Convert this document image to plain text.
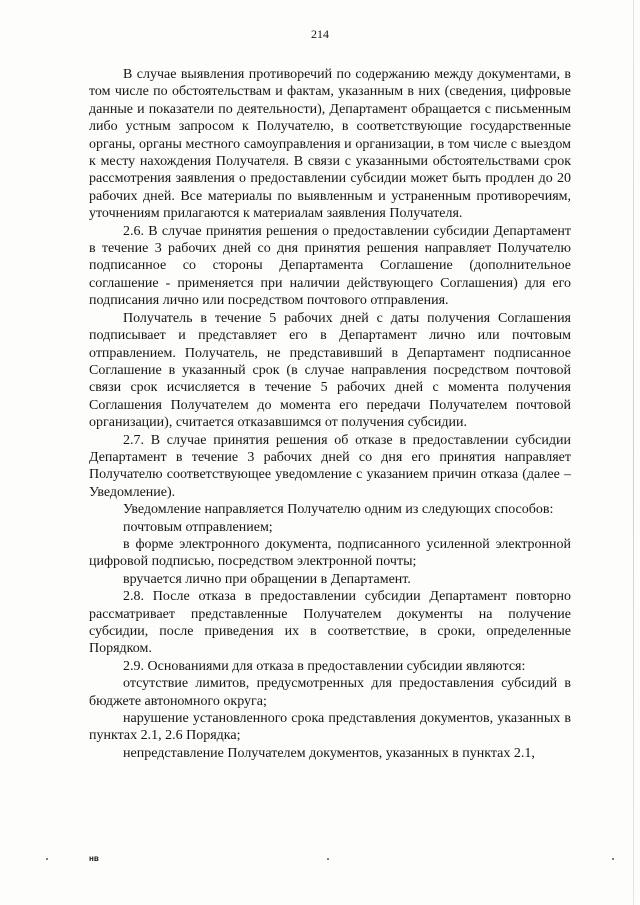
214

В случае выявления противоречий по содержанию между документами, в том числе по обстоятельствам и фактам, указанным в них (сведения, цифровые данные и показатели по деятельности), Департамент обращается с письменным либо устным запросом к Получателю, в соответствующие государственные органы, органы местного самоуправления и организации, в том числе с выездом к месту нахождения Получателя. В связи с указанными обстоятельствами срок рассмотрения заявления о предоставлении субсидии может быть продлен до 20 рабочих дней. Все материалы по выявленным и устраненным противоречиям, уточнениям прилагаются к материалам заявления Получателя.

2.6. В случае принятия решения о предоставлении субсидии Департамент в течение 3 рабочих дней со дня принятия решения направляет Получателю подписанное со стороны Департамента Соглашение (дополнительное соглашение - применяется при наличии действующего Соглашения) для его подписания лично или посредством почтового отправления.

Получатель в течение 5 рабочих дней с даты получения Соглашения подписывает и представляет его в Департамент лично или почтовым отправлением. Получатель, не представивший в Департамент подписанное Соглашение в указанный срок (в случае направления посредством почтовой связи срок исчисляется в течение 5 рабочих дней с момента получения Соглашения Получателем до момента его передачи Получателем почтовой организации), считается отказавшимся от получения субсидии.

2.7. В случае принятия решения об отказе в предоставлении субсидии Департамент в течение 3 рабочих дней со дня его принятия направляет Получателю соответствующее уведомление с указанием причин отказа (далее – Уведомление).

Уведомление направляется Получателю одним из следующих способов:

почтовым отправлением;

в форме электронного документа, подписанного усиленной электронной цифровой подписью, посредством электронной почты;

вручается лично при обращении в Департамент.

2.8. После отказа в предоставлении субсидии Департамент повторно рассматривает представленные Получателем документы на получение субсидии, после приведения их в соответствие, в сроки, определенные Порядком.

2.9. Основаниями для отказа в предоставлении субсидии являются:

отсутствие лимитов, предусмотренных для предоставления субсидий в бюджете автономного округа;

нарушение установленного срока представления документов, указанных в пунктах 2.1, 2.6 Порядка;

непредставление Получателем документов, указанных в пунктах 2.1,

нв
